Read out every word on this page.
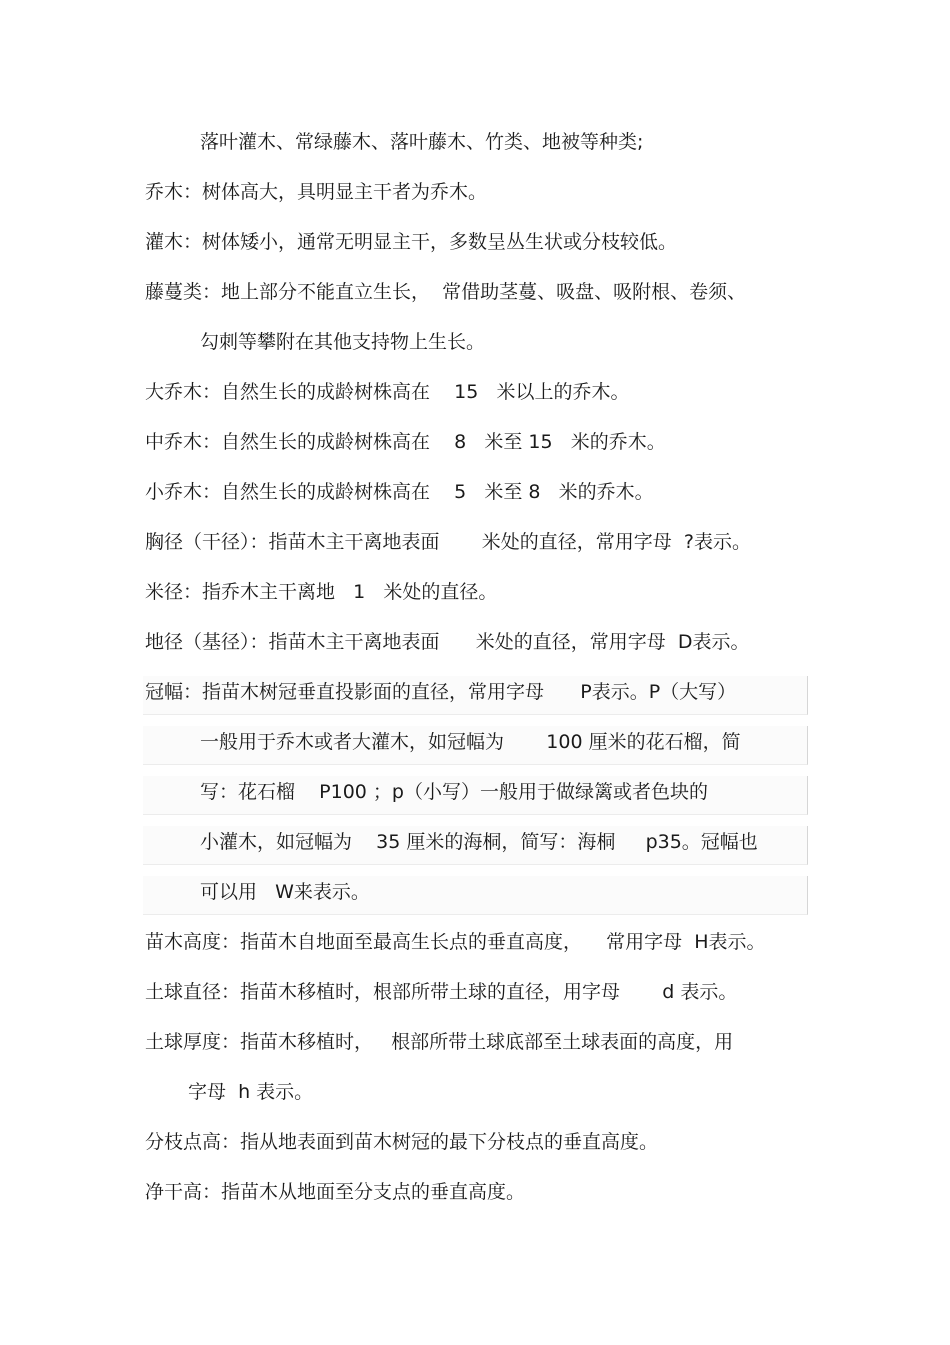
落叶灌木、常绿藤木、落叶藤木、竹类、地被等种类;
乔木：树体高大，具明显主干者为乔木。
灌木：树体矮小，通常无明显主干，多数呈丛生状或分枝较低。
藤蔓类：地上部分不能直立生长，  常借助茎蔓、吸盘、吸附根、卷须、
勾刺等攀附在其他支持物上生长。
大乔木：自然生长的成龄树株高在    15   米以上的乔木。
中乔木：自然生长的成龄树株高在    8   米至 15   米的乔木。
小乔木：自然生长的成龄树株高在    5   米至 8   米的乔木。
胸径（干径）：指苗木主干离地表面       米处的直径，常用字母  ?表示。
米径：指乔木主干离地   1   米处的直径。
地径（基径）：指苗木主干离地表面      米处的直径，常用字母  D表示。
冠幅：指苗木树冠垂直投影面的直径，常用字母      P表示。P（大写）
一般用于乔木或者大灌木，如冠幅为       100 厘米的花石榴，简
写：花石榴    P100 ；p（小写）一般用于做绿篱或者色块的
小灌木，如冠幅为    35 厘米的海桐，简写：海桐     p35。冠幅也
可以用   W来表示。
苗木高度：指苗木自地面至最高生长点的垂直高度，    常用字母  H表示。
土球直径：指苗木移植时，根部所带土球的直径，用字母       d 表示。
土球厚度：指苗木移植时，   根部所带土球底部至土球表面的高度，用
字母  h 表示。
分枝点高：指从地表面到苗木树冠的最下分枝点的垂直高度。
净干高：指苗木从地面至分支点的垂直高度。
